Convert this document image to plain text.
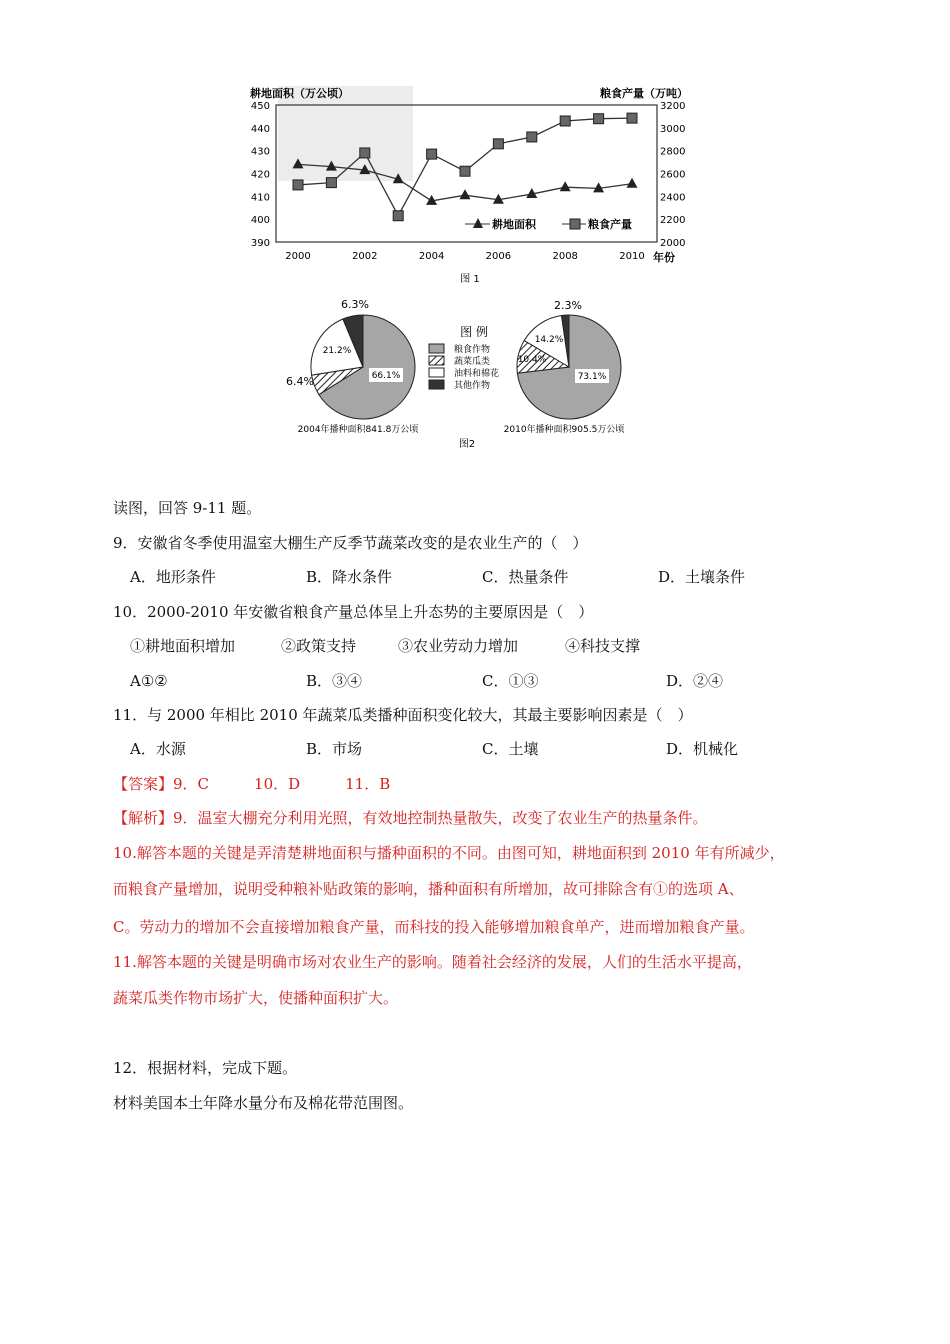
耕地面积（万公顷）	粮食产量（万吨）
390
400
410
420
430
440
450
2000
2200
2400
2600
2800
3000
3200
2000	2002	2004	2006	2008	2010 年份
图 1
耕地面积	粮食产量
66.1%
6.4%
21.2%
6.3%
2004年播种面积841.8万公顷
73.1%
10.4%
14.2%
2.3%
2010年播种面积905.5万公顷
图 例
粮食作物
蔬菜瓜类
油料和棉花
其他作物
图2
读图，回答 9-11 题。
9．安徽省冬季使用温室大棚生产反季节蔬菜改变的是农业生产的（　）
A．地形条件	B．降水条件	C．热量条件	D．土壤条件
10．2000-2010 年安徽省粮食产量总体呈上升态势的主要原因是（　）
①耕地面积增加	②政策支持	③农业劳动力增加	④科技支撑
A①②	B．③④	C．①③	D．②④
11．与 2000 年相比 2010 年蔬菜瓜类播种面积变化较大，其最主要影响因素是（　）
A．水源	B．市场	C．土壤	D．机械化
【答案】9．C　　　10．D　　　11．B
【解析】9．温室大棚充分利用光照，有效地控制热量散失，改变了农业生产的热量条件。
10.解答本题的关键是弄清楚耕地面积与播种面积的不同。由图可知，耕地面积到 2010 年有所减少，
而粮食产量增加，说明受种粮补贴政策的影响，播种面积有所增加，故可排除含有①的选项 A、
C。劳动力的增加不会直接增加粮食产量，而科技的投入能够增加粮食单产，进而增加粮食产量。
11.解答本题的关键是明确市场对农业生产的影响。随着社会经济的发展，人们的生活水平提高，
蔬菜瓜类作物市场扩大，使播种面积扩大。
12．根据材料，完成下题。
材料美国本土年降水量分布及棉花带范围图。
